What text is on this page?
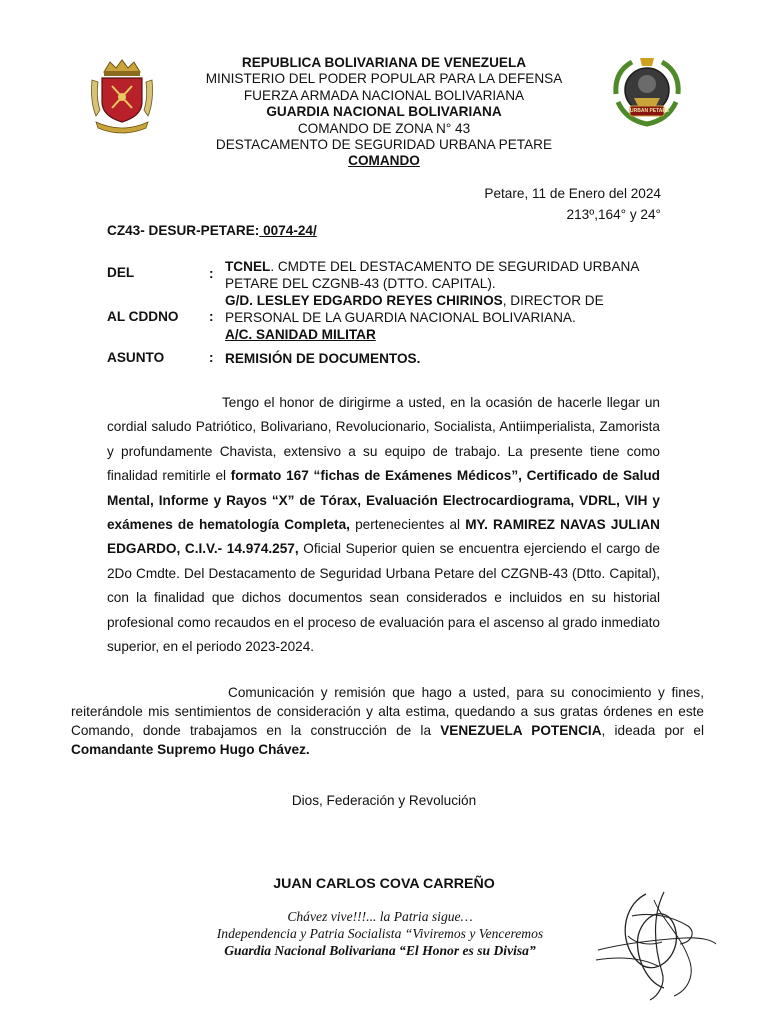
URBAN PETARE
REPUBLICA BOLIVARIANA DE VENEZUELA
MINISTERIO DEL PODER POPULAR PARA LA DEFENSA
FUERZA ARMADA NACIONAL BOLIVARIANA
GUARDIA NACIONAL BOLIVARIANA
COMANDO DE ZONA N° 43
DESTACAMENTO DE SEGURIDAD URBANA PETARE
COMANDO
Petare, 11 de Enero del 2024
213º,164° y 24°
CZ43- DESUR-PETARE: 0074-24/
DEL	: TCNEL. CMDTE DEL DESTACAMENTO DE SEGURIDAD URBANA PETARE DEL CZGNB-43 (DTTO. CAPITAL).
AL CDDNO :
G/D. LESLEY EDGARDO REYES CHIRINOS, DIRECTOR DE PERSONAL DE LA GUARDIA NACIONAL BOLIVARIANA.
A/C. SANIDAD MILITAR
ASUNTO	: REMISIÓN DE DOCUMENTOS.
Tengo el honor de dirigirme a usted, en la ocasión de hacerle llegar un cordial saludo Patriótico, Bolivariano, Revolucionario, Socialista, Antiimperialista, Zamorista y profundamente Chavista, extensivo a su equipo de trabajo. La presente tiene como finalidad remitirle el formato 167 “fichas de Exámenes Médicos”, Certificado de Salud Mental, Informe y Rayos “X” de Tórax, Evaluación Electrocardiograma, VDRL, VIH y exámenes de hematología Completa, pertenecientes al MY. RAMIREZ NAVAS JULIAN EDGARDO, C.I.V.- 14.974.257, Oficial Superior quien se encuentra ejerciendo el cargo de 2Do Cmdte. Del Destacamento de Seguridad Urbana Petare del CZGNB-43 (Dtto. Capital), con la finalidad que dichos documentos sean considerados e incluidos en su historial profesional como recaudos en el proceso de evaluación para el ascenso al grado inmediato superior, en el periodo 2023-2024.
Comunicación y remisión que hago a usted, para su conocimiento y fines, reiterándole mis sentimientos de consideración y alta estima, quedando a sus gratas órdenes en este Comando, donde trabajamos en la construcción de la VENEZUELA POTENCIA, ideada por el Comandante Supremo Hugo Chávez.
Dios, Federación y Revolución
JUAN CARLOS COVA CARREÑO
Chávez vive!!!... la Patria sigue…
Independencia y Patria Socialista “Viviremos y Venceremos
Guardia Nacional Bolivariana “El Honor es su Divisa”
